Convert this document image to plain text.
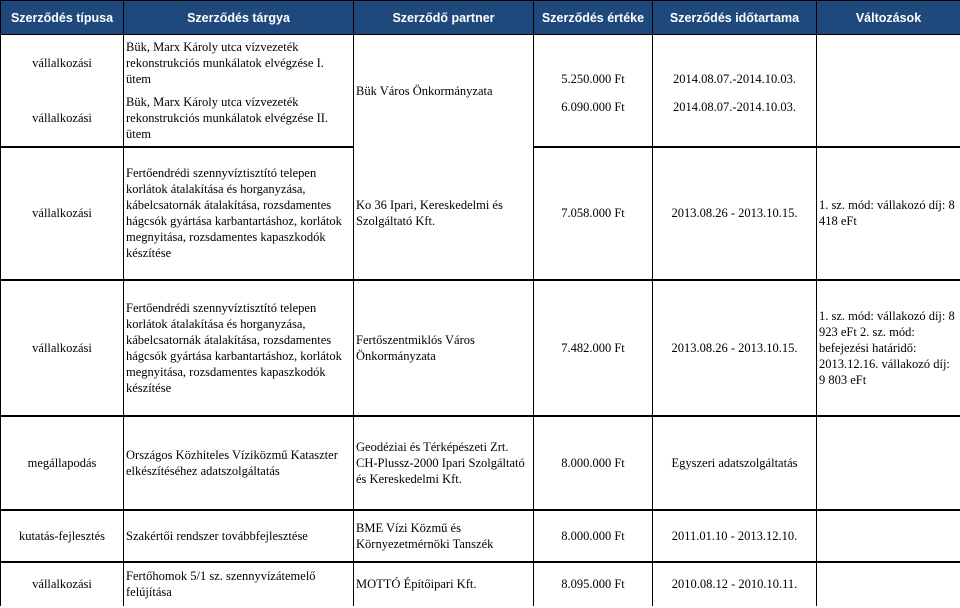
Szerződés típusa	Szerződés tárgya	Szerződő partner	Szerződés értéke	Szerződés időtartama	Változások
vállalkozási	Bük, Marx Károly utca vízvezeték rekonstrukciós munkálatok elvégzése I. ütem	Bük Város Önkormányzata	5.250.000 Ft	2014.08.07.-2014.10.03.	
vállalkozási	Bük, Marx Károly utca vízvezeték rekonstrukciós munkálatok elvégzése II. ütem		6.090.000 Ft	2014.08.07.-2014.10.03.	
vállalkozási	Fertőendrédi szennyvíztisztító telepen korlátok átalakítása és horganyzása, kábelcsatornák átalakítása, rozsdamentes hágcsók gyártása karbantartáshoz, korlátok megnyitása, rozsdamentes kapaszkodók készítése	Ko 36 Ipari, Kereskedelmi és Szolgáltató Kft.	7.058.000 Ft	2013.08.26 - 2013.10.15.	1. sz. mód: vállakozó díj: 8 418 eFt
vállalkozási	Fertőendrédi szennyvíztisztító telepen korlátok átalakítása és horganyzása, kábelcsatornák átalakítása, rozsdamentes hágcsók gyártása karbantartáshoz, korlátok megnyitása, rozsdamentes kapaszkodók készítése	Fertőszentmiklós Város Önkormányzata	7.482.000 Ft	2013.08.26 - 2013.10.15.	1. sz. mód: vállakozó díj: 8 923 eFt 2. sz. mód: befejezési határidő: 2013.12.16. vállakozó díj: 9 803 eFt
megállapodás	Országos Közhiteles Víziközmű Kataszter elkészítéséhez adatszolgáltatás	Geodéziai és Térképészeti Zrt. CH-Plussz-2000 Ipari Szolgáltató és Kereskedelmi Kft.	8.000.000 Ft	Egyszeri adatszolgáltatás	
kutatás-fejlesztés	Szakértői rendszer továbbfejlesztése	BME Vízi Közmű és Környezetmérnöki Tanszék	8.000.000 Ft	2011.01.10 - 2013.12.10.	
vállalkozási	Fertőhomok 5/1 sz. szennyvízátemelő felújítása	MOTTÓ Építőipari Kft.	8.095.000 Ft	2010.08.12 - 2010.10.11.	
